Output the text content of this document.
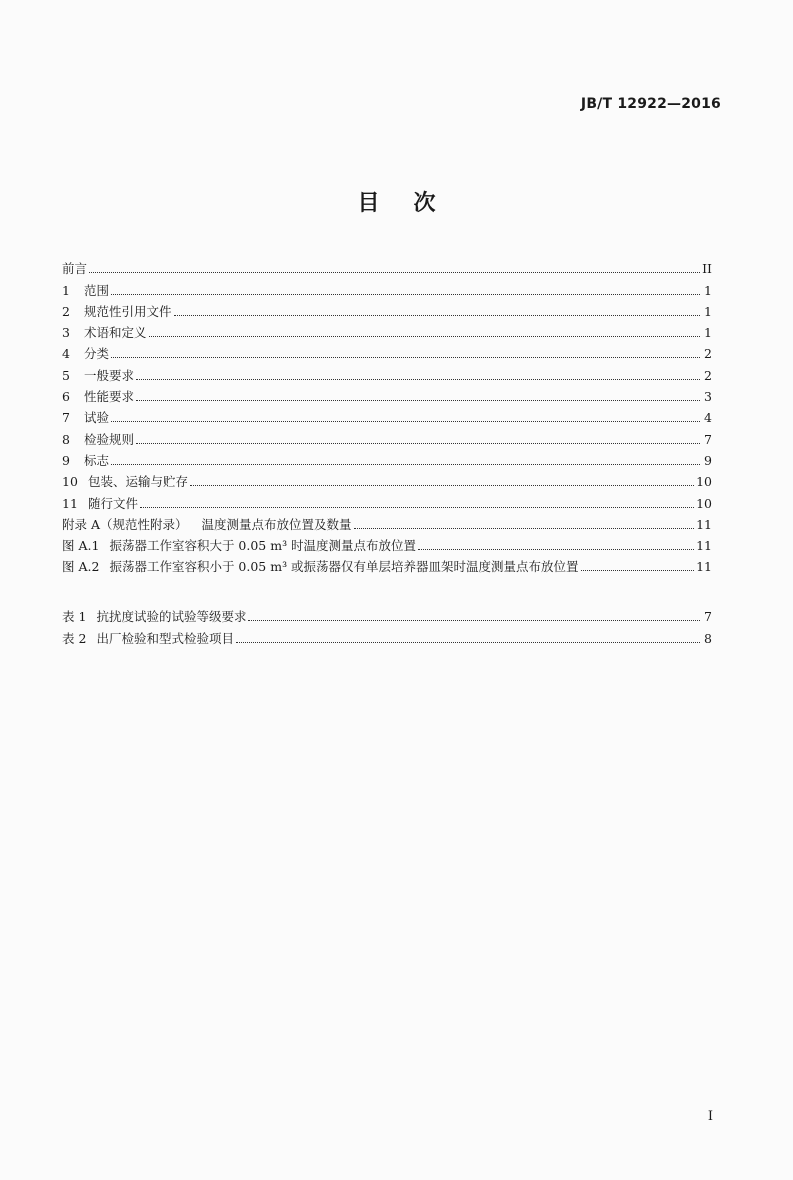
JB/T 12922—2016
目 次
前言	II
1	范围	1
2	规范性引用文件	1
3	术语和定义	1
4	分类	2
5	一般要求	2
6	性能要求	3
7	试验	4
8	检验规则	7
9	标志	9
10 包装、运输与贮存	10
11 随行文件	10
附录 A（规范性附录） 温度测量点布放位置及数量	11
图 A.1 振荡器工作室容积大于 0.05 m³ 时温度测量点布放位置	11
图 A.2 振荡器工作室容积小于 0.05 m³ 或振荡器仅有单层培养器皿架时温度测量点布放位置	11
表 1 抗扰度试验的试验等级要求	7
表 2 出厂检验和型式检验项目	8
I
